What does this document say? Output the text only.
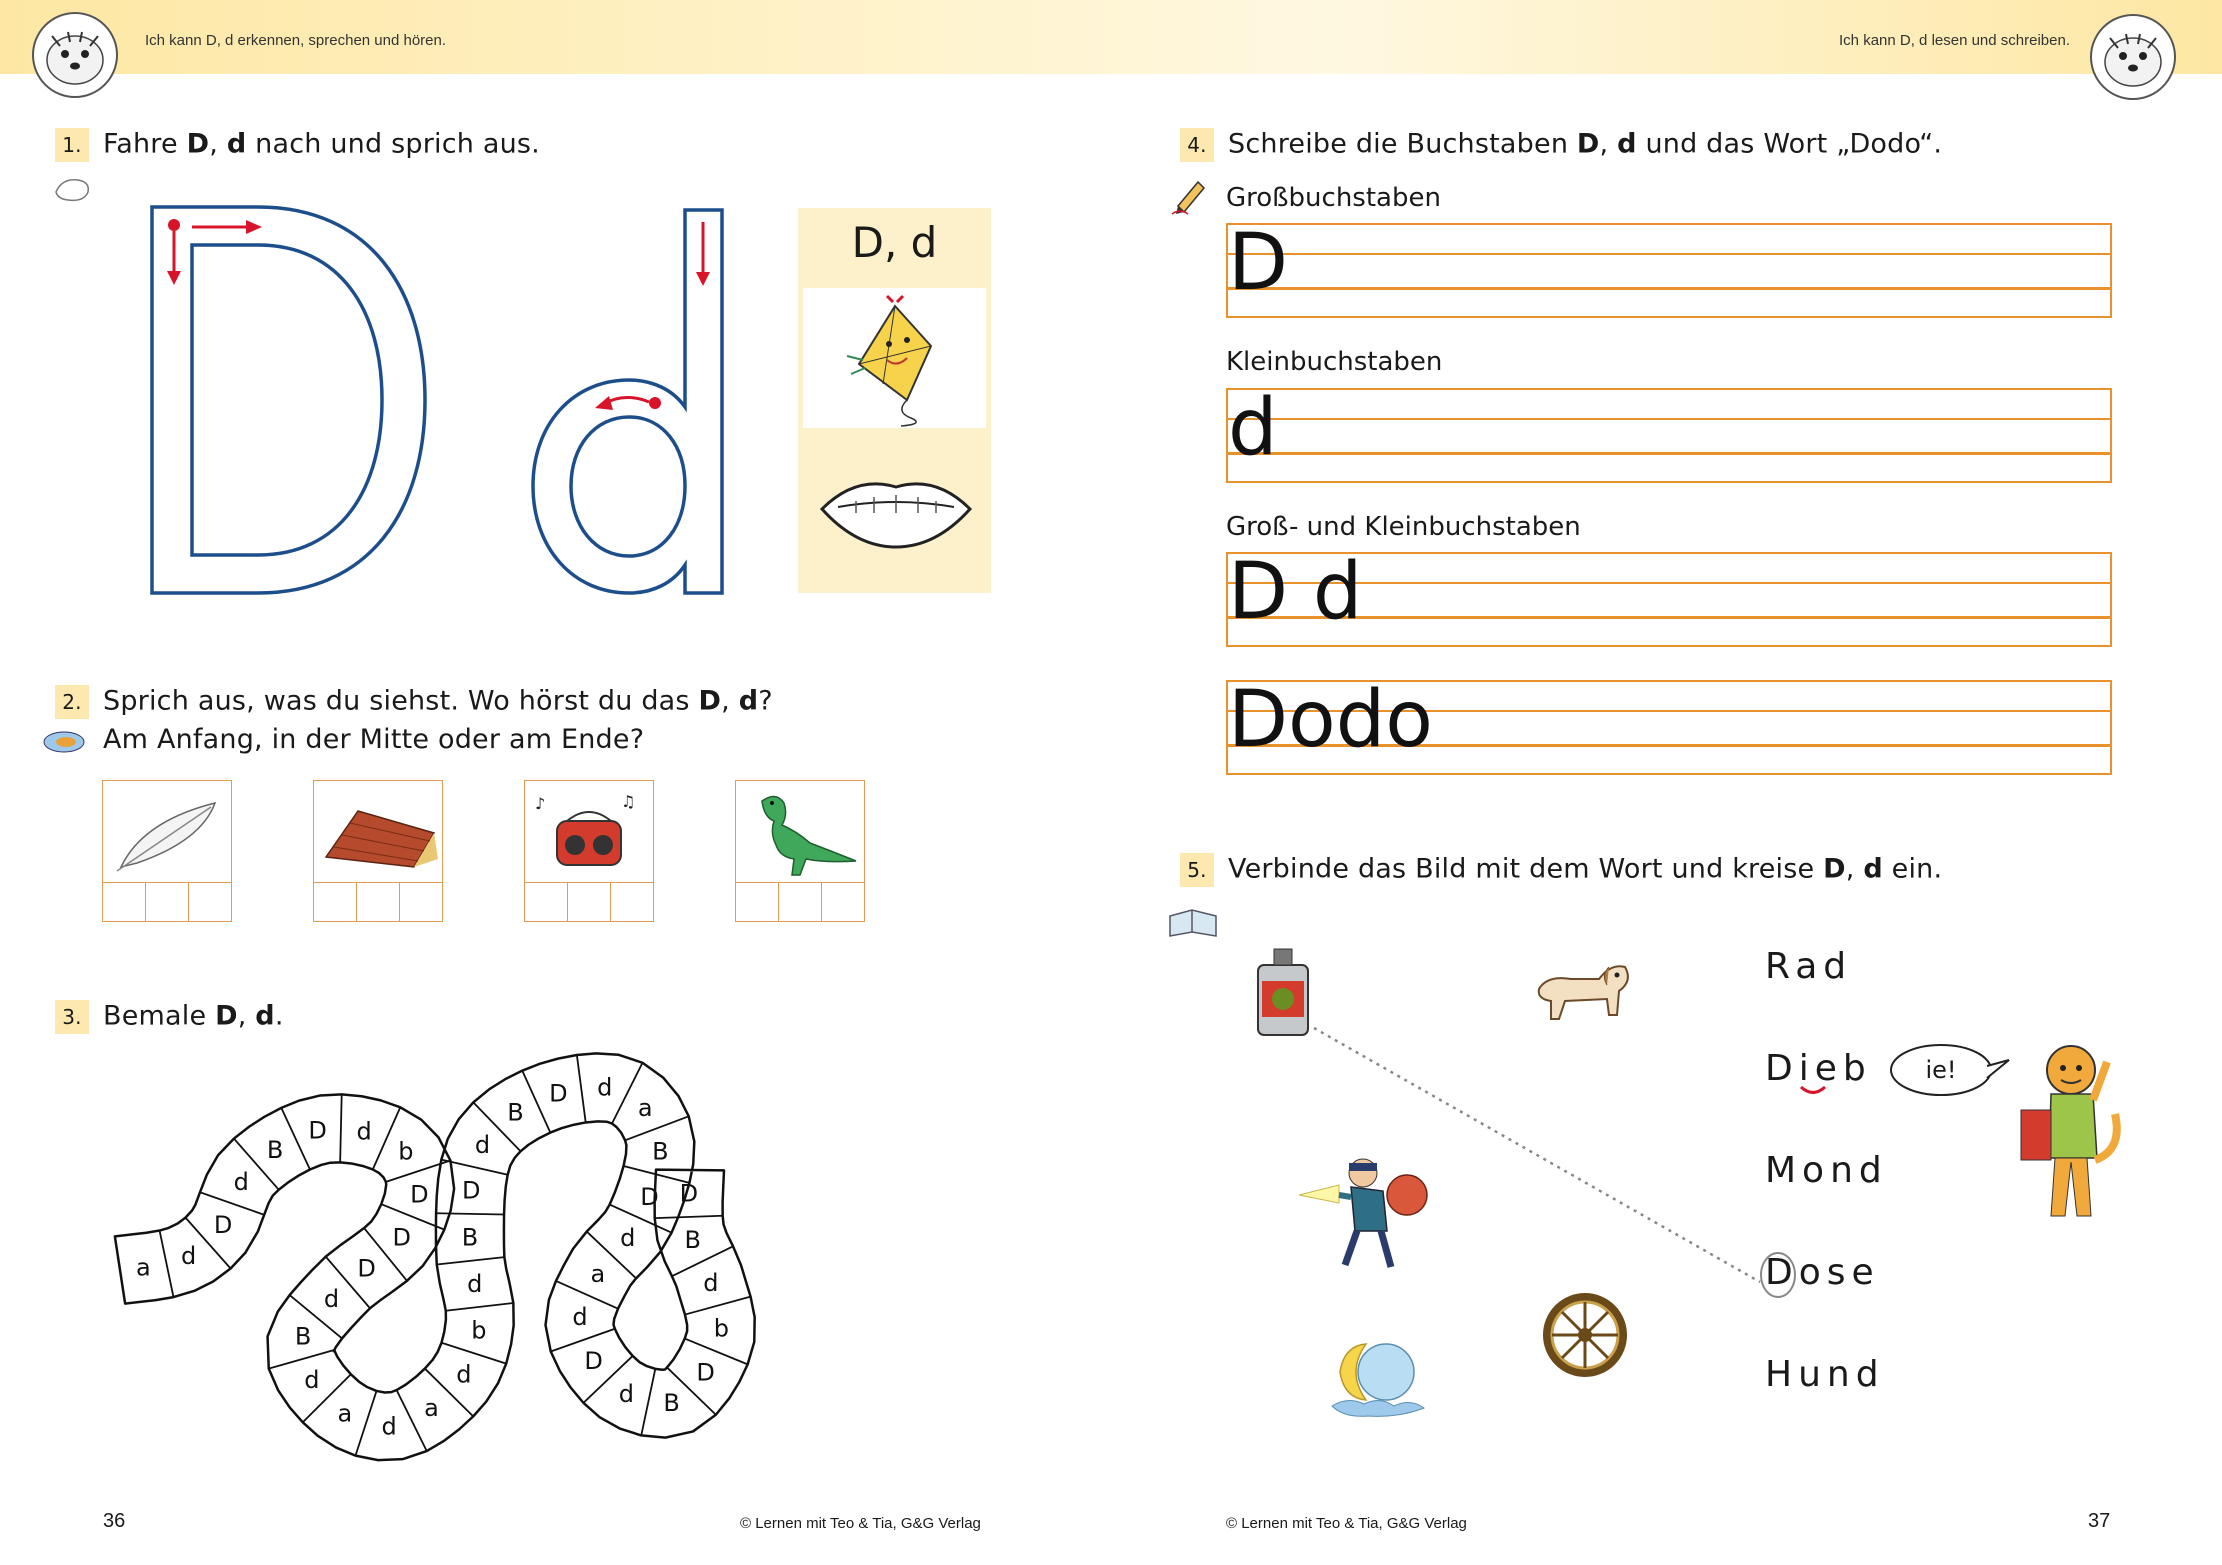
Ich kann D, d erkennen, sprechen und hören.	Ich kann D, d lesen und schreiben.
1. Fahre D, d nach und sprich aus.
D	d
D, d
2. Sprich aus, was du siehst. Wo hörst du das D, d?
Am Anfang, in der Mitte oder am Ende?
♪	♫
3. Bemale D, d.
a d
D
d
B
D d
b
D
D
D
d
B
d
a d
a
d
b
d
B
D
d
B
D d
a
B
D
d
a
d
D
d B
D
b
d
B
D
4. Schreibe die Buchstaben D, d und das Wort „Dodo“.
Großbuchstaben
D
Kleinbuchstaben
d
Groß- und Kleinbuchstaben
D d
Dodo
5. Verbinde das Bild mit dem Wort und kreise D, d ein.
Rad
Dieb
Mond
Dose
Hund
ie!
36	© Lernen mit Teo & Tia, G&G Verlag	© Lernen mit Teo & Tia, G&G Verlag	37
